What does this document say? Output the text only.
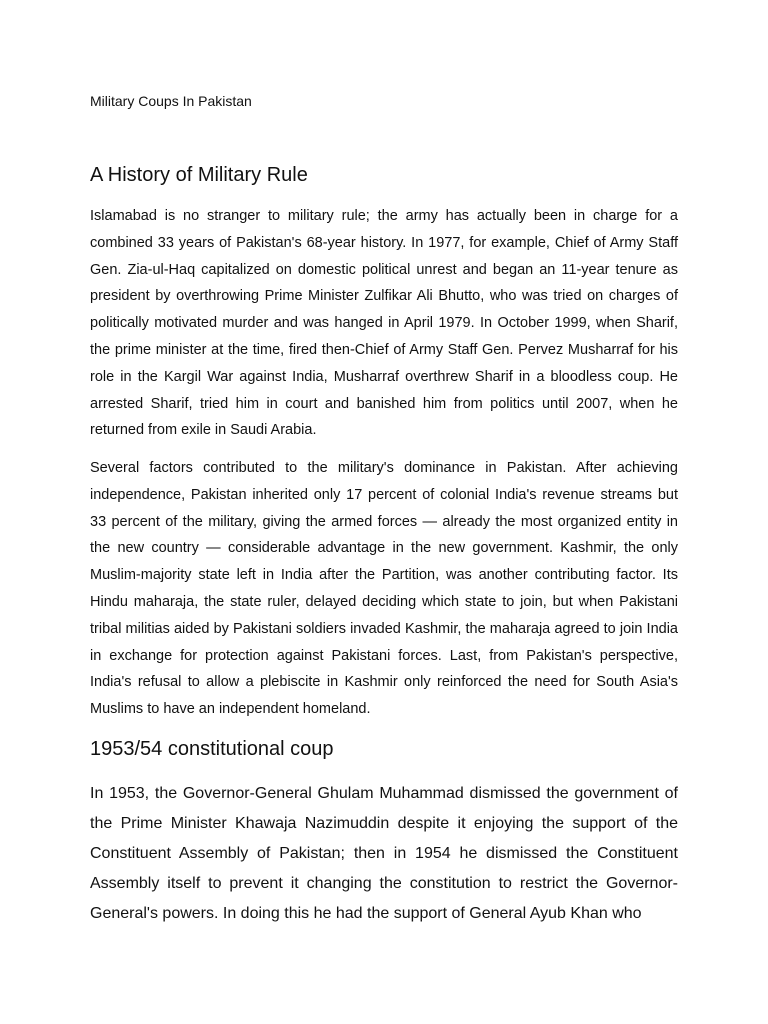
Military Coups In Pakistan

A History of Military Rule

Islamabad is no stranger to military rule; the army has actually been in charge for a combined 33 years of Pakistan's 68-year history. In 1977, for example, Chief of Army Staff Gen. Zia-ul-Haq capitalized on domestic political unrest and began an 11-year tenure as president by overthrowing Prime Minister Zulfikar Ali Bhutto, who was tried on charges of politically motivated murder and was hanged in April 1979. In October 1999, when Sharif, the prime minister at the time, fired then-Chief of Army Staff Gen. Pervez Musharraf for his role in the Kargil War against India, Musharraf overthrew Sharif in a bloodless coup. He arrested Sharif, tried him in court and banished him from politics until 2007, when he returned from exile in Saudi Arabia.

Several factors contributed to the military's dominance in Pakistan. After achieving independence, Pakistan inherited only 17 percent of colonial India's revenue streams but 33 percent of the military, giving the armed forces — already the most organized entity in the new country — considerable advantage in the new government. Kashmir, the only Muslim-majority state left in India after the Partition, was another contributing factor. Its Hindu maharaja, the state ruler, delayed deciding which state to join, but when Pakistani tribal militias aided by Pakistani soldiers invaded Kashmir, the maharaja agreed to join India in exchange for protection against Pakistani forces. Last, from Pakistan's perspective, India's refusal to allow a plebiscite in Kashmir only reinforced the need for South Asia's Muslims to have an independent homeland.

1953/54 constitutional coup

In 1953, the Governor-General Ghulam Muhammad dismissed the government of the Prime Minister Khawaja Nazimuddin despite it enjoying the support of the Constituent Assembly of Pakistan; then in 1954 he dismissed the Constituent Assembly itself to prevent it changing the constitution to restrict the Governor-General's powers. In doing this he had the support of General Ayub Khan who
